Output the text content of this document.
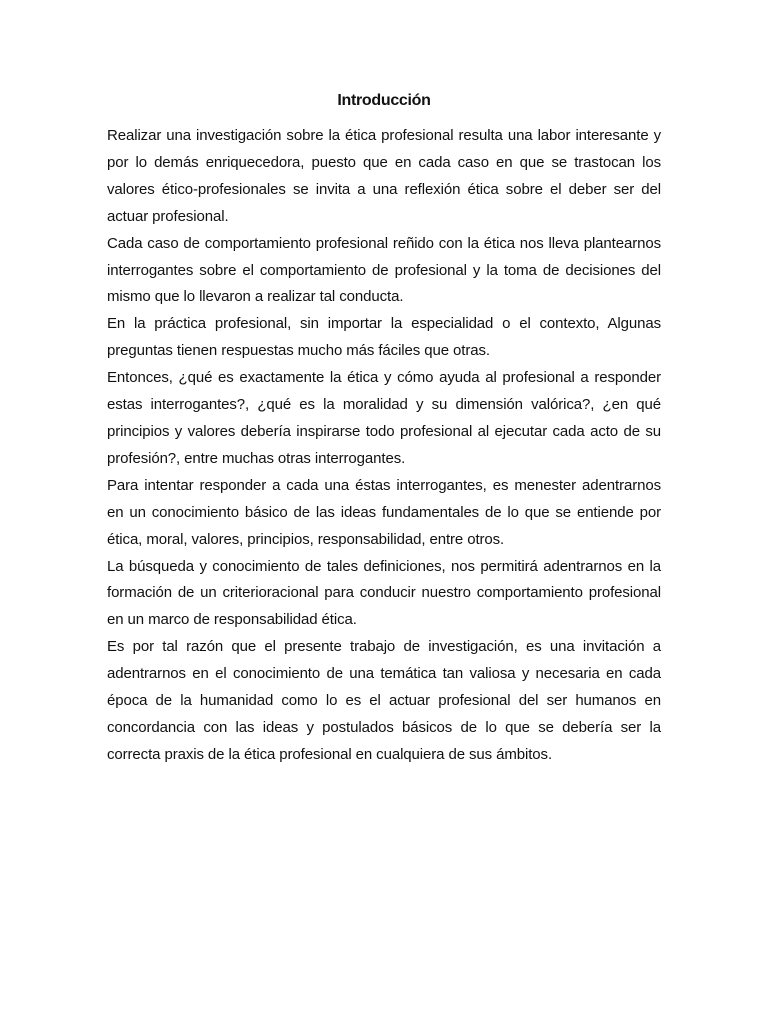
Introducción

Realizar una investigación sobre la ética profesional resulta una labor interesante y por lo demás enriquecedora, puesto que en cada caso en que se trastocan los valores ético-profesionales se invita a una reflexión ética sobre el deber ser del actuar profesional.

Cada caso de comportamiento profesional reñido con la ética nos lleva plantearnos interrogantes sobre el comportamiento de profesional y la toma de decisiones del mismo que lo llevaron a realizar tal conducta.

En la práctica profesional, sin importar la especialidad o el contexto, Algunas preguntas tienen respuestas mucho más fáciles que otras.

Entonces, ¿qué es exactamente la ética y cómo ayuda al profesional a responder estas interrogantes?, ¿qué es la moralidad y su dimensión valórica?, ¿en qué principios y valores debería inspirarse todo profesional al ejecutar cada acto de su profesión?, entre muchas otras interrogantes.

Para intentar responder a cada una éstas interrogantes, es menester adentrarnos en un conocimiento básico de las ideas fundamentales de lo que se entiende por ética, moral, valores, principios, responsabilidad, entre otros.

La búsqueda y conocimiento de tales definiciones, nos permitirá adentrarnos en la formación de un criterioracional para conducir nuestro comportamiento profesional en un marco de responsabilidad ética.

Es por tal razón que el presente trabajo de investigación, es una invitación a adentrarnos en el conocimiento de una temática tan valiosa y necesaria en cada época de la humanidad como lo es el actuar profesional del ser humanos en concordancia con las ideas y postulados básicos de lo que se debería ser la correcta praxis de la ética profesional en cualquiera de sus ámbitos.
